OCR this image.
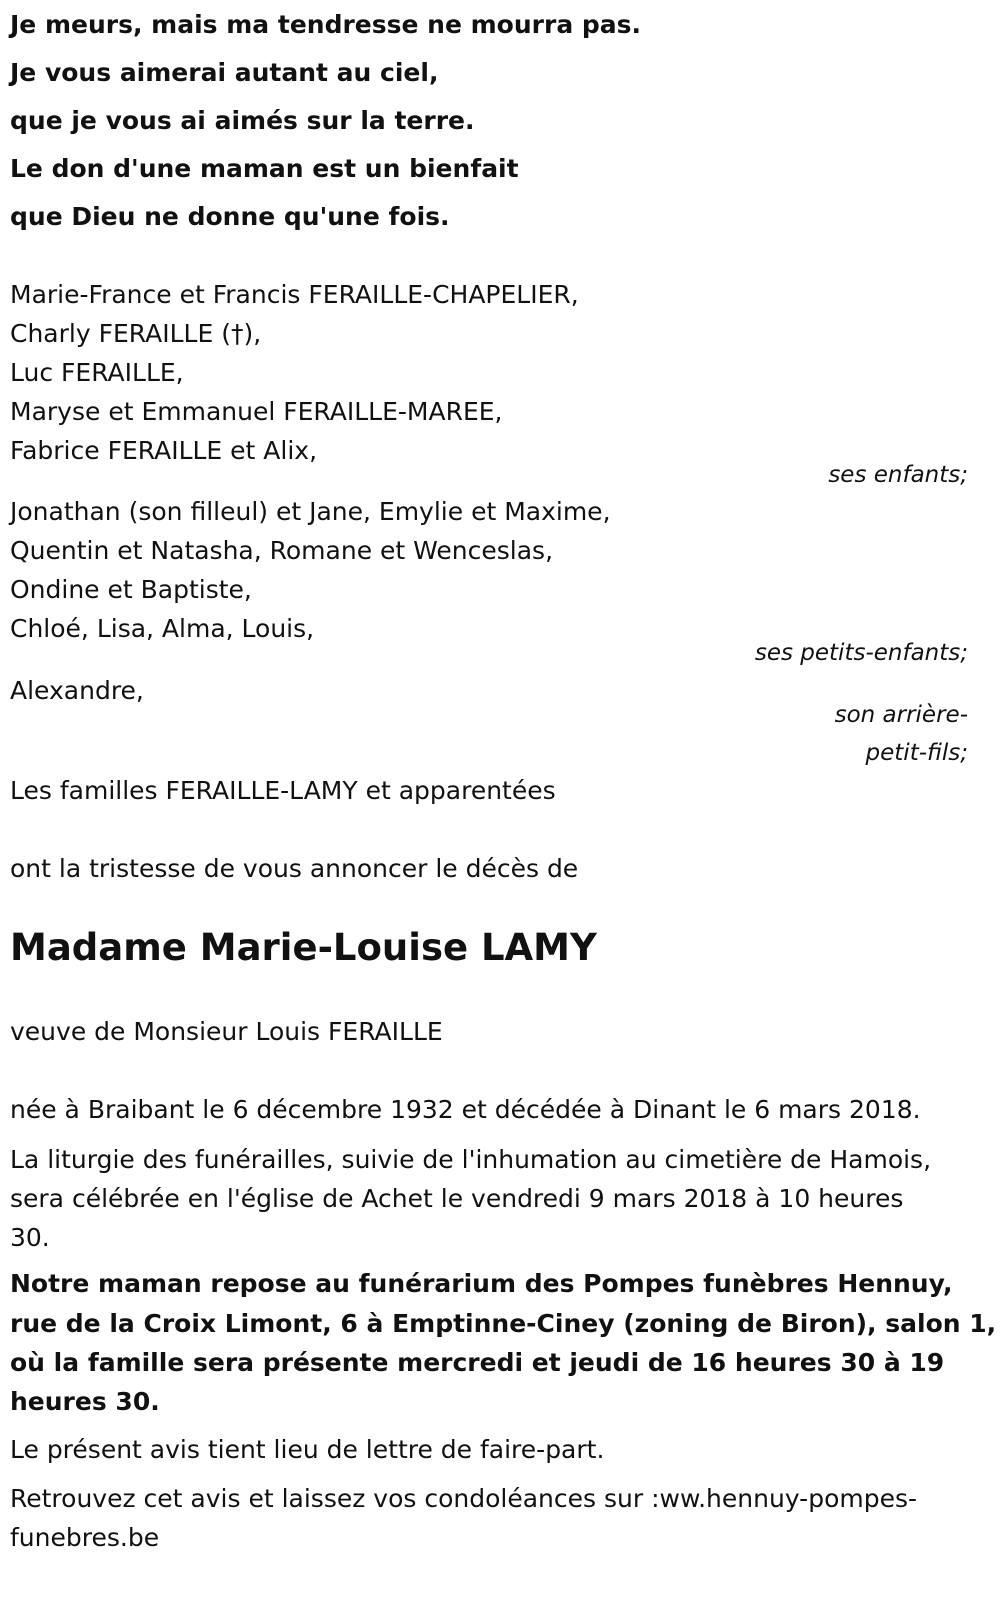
Je meurs, mais ma tendresse ne mourra pas.

Je vous aimerai autant au ciel,

que je vous ai aimés sur la terre.

Le don d'une maman est un bienfait

que Dieu ne donne qu'une fois.

Marie-France et Francis FERAILLE-CHAPELIER,

Charly FERAILLE (†),

Luc FERAILLE,

Maryse et Emmanuel FERAILLE-MAREE,

Fabrice FERAILLE et Alix,

ses enfants;

Jonathan (son filleul) et Jane, Emylie et Maxime,

Quentin et Natasha, Romane et Wenceslas,

Ondine et Baptiste,

Chloé, Lisa, Alma, Louis,

ses petits-enfants;

Alexandre,

son arrière-

petit-fils;

Les familles FERAILLE-LAMY et apparentées

ont la tristesse de vous annoncer le décès de

Madame Marie-Louise LAMY

veuve de Monsieur Louis FERAILLE

née à Braibant le 6 décembre 1932 et décédée à Dinant le 6 mars 2018.

La liturgie des funérailles, suivie de l'inhumation au cimetière de Hamois,

sera célébrée en l'église de Achet le vendredi 9 mars 2018 à 10 heures

30.

Notre maman repose au funérarium des Pompes funèbres Hennuy,

rue de la Croix Limont, 6 à Emptinne-Ciney (zoning de Biron), salon 1,

où la famille sera présente mercredi et jeudi de 16 heures 30 à 19

heures 30.

Le présent avis tient lieu de lettre de faire-part.

Retrouvez cet avis et laissez vos condoléances sur :ww.hennuy-pompes-

funebres.be
